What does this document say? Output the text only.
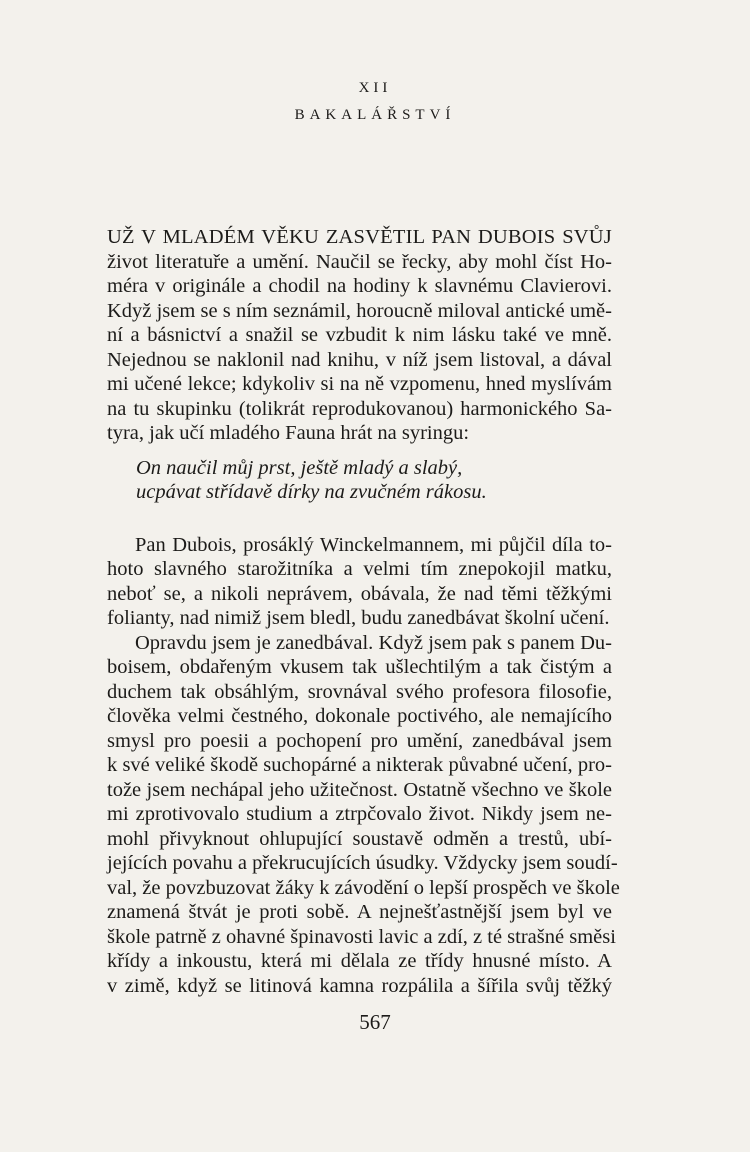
XII
BAKALÁŘSTVÍ
UŽ V MLADÉM VĚKU ZASVĚTIL PAN DUBOIS SVŮJ
život literatuře a umění. Naučil se řecky, aby mohl číst Ho-
méra v originále a chodil na hodiny k slavnému Clavierovi.
Když jsem se s ním seznámil, horoucně miloval antické umě-
ní a básnictví a snažil se vzbudit k nim lásku také ve mně.
Nejednou se naklonil nad knihu, v níž jsem listoval, a dával
mi učené lekce; kdykoliv si na ně vzpomenu, hned myslívám
na tu skupinku (tolikrát reprodukovanou) harmonického Sa-
tyra, jak učí mladého Fauna hrát na syringu:
On naučil můj prst, ještě mladý a slabý,
ucpávat střídavě dírky na zvučném rákosu.
Pan Dubois, prosáklý Winckelmannem, mi půjčil díla to-
hoto slavného starožitníka a velmi tím znepokojil matku,
neboť se, a nikoli neprávem, obávala, že nad těmi těžkými
folianty, nad nimiž jsem bledl, budu zanedbávat školní učení.
Opravdu jsem je zanedbával. Když jsem pak s panem Du-
boisem, obdařeným vkusem tak ušlechtilým a tak čistým a
duchem tak obsáhlým, srovnával svého profesora filosofie,
člověka velmi čestného, dokonale poctivého, ale nemajícího
smysl pro poesii a pochopení pro umění, zanedbával jsem
k své veliké škodě suchopárné a nikterak půvabné učení, pro-
tože jsem nechápal jeho užitečnost. Ostatně všechno ve škole
mi zprotivovalo studium a ztrpčovalo život. Nikdy jsem ne-
mohl přivyknout ohlupující soustavě odměn a trestů, ubí-
jejících povahu a překrucujících úsudky. Vždycky jsem soudí-
val, že povzbuzovat žáky k závodění o lepší prospěch ve škole
znamená štvát je proti sobě. A nejnešťastnější jsem byl ve
škole patrně z ohavné špinavosti lavic a zdí, z té strašné směsi
křídy a inkoustu, která mi dělala ze třídy hnusné místo. A
v zimě, když se litinová kamna rozpálila a šířila svůj těžký
567
